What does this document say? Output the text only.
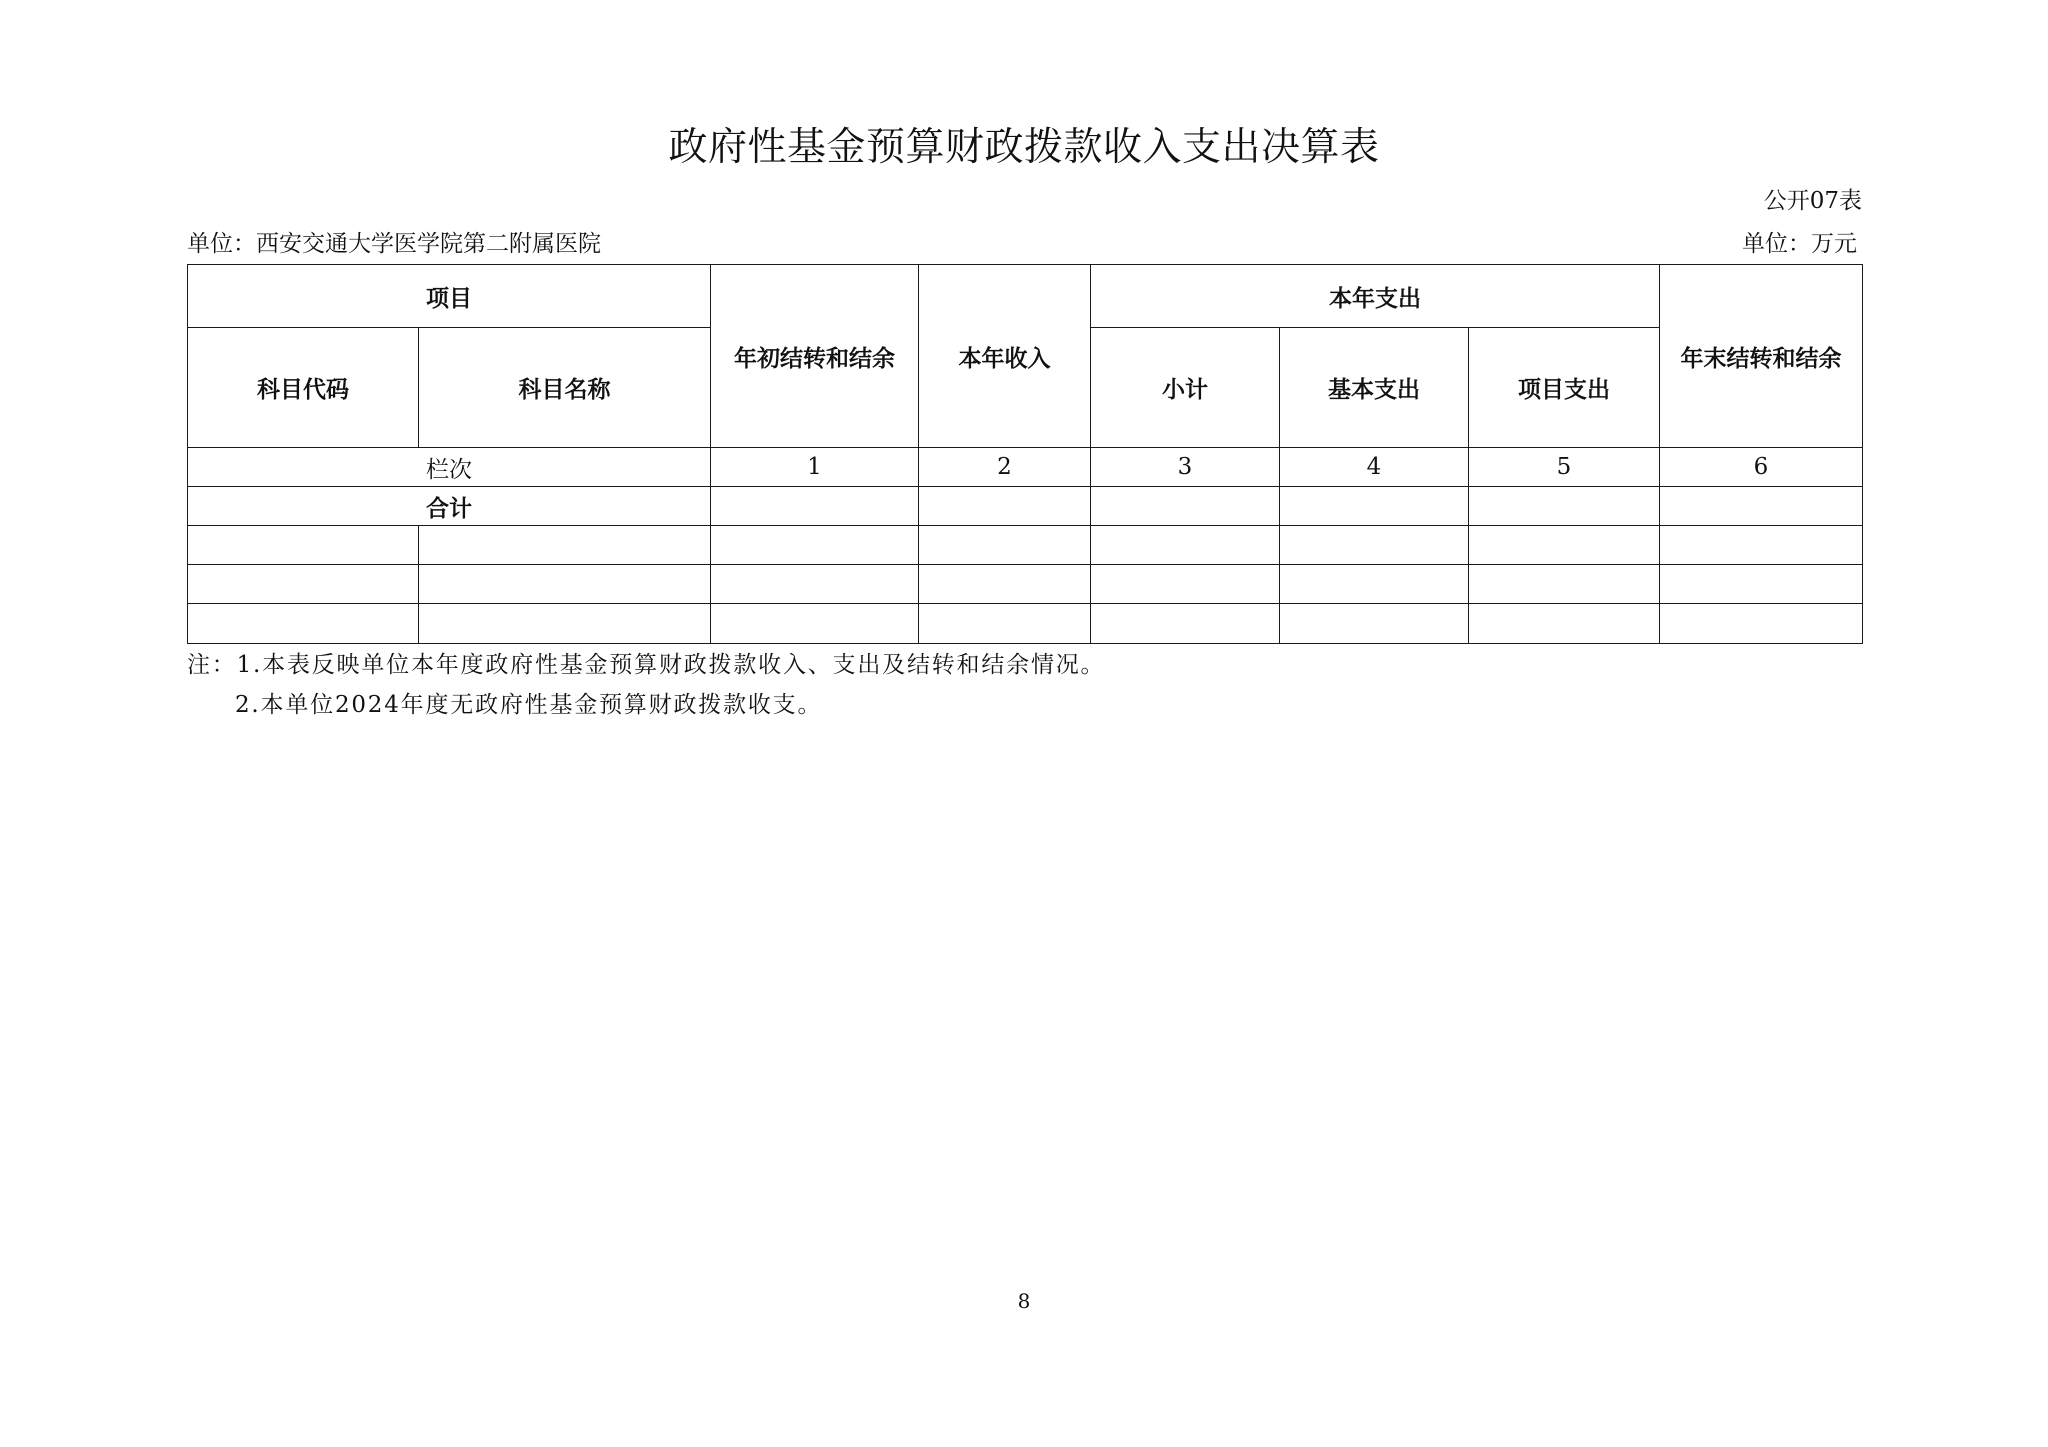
政府性基金预算财政拨款收入支出决算表
公开07表
单位：西安交通大学医学院第二附属医院	单位：万元
项目		年初结转和结余	本年收入	本年支出			年末结转和结余
科目代码	科目名称			小计	基本支出	项目支出	
栏次		1	2	3	4	5	6
合计							

注：1.本表反映单位本年度政府性基金预算财政拨款收入、支出及结转和结余情况。
2.本单位2024年度无政府性基金预算财政拨款收支。
8
